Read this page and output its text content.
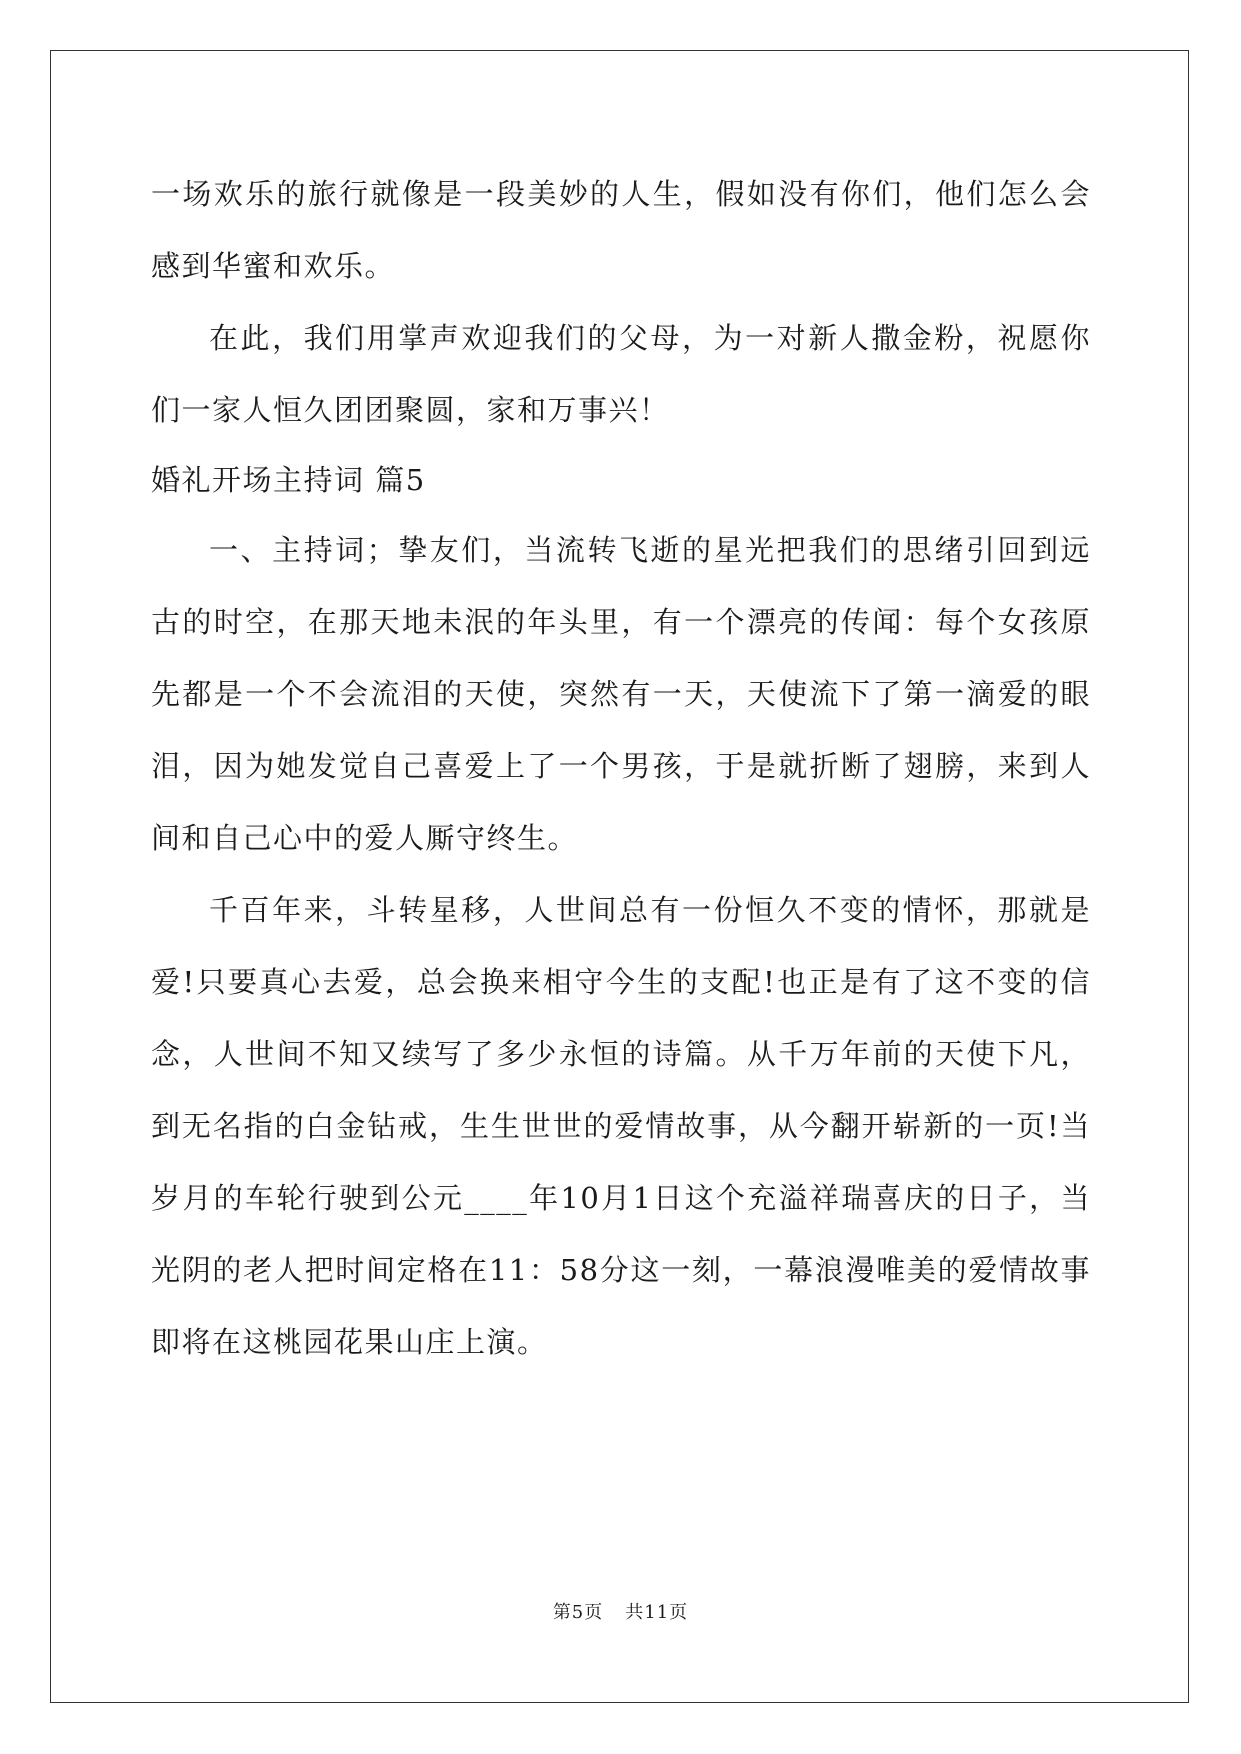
一场欢乐的旅行就像是一段美妙的人生，假如没有你们，他们怎么会感到华蜜和欢乐。

在此，我们用掌声欢迎我们的父母，为一对新人撒金粉，祝愿你们一家人恒久团团聚圆，家和万事兴！

婚礼开场主持词 篇5

一、主持词；挚友们，当流转飞逝的星光把我们的思绪引回到远古的时空，在那天地未泯的年头里，有一个漂亮的传闻：每个女孩原先都是一个不会流泪的天使，突然有一天，天使流下了第一滴爱的眼泪，因为她发觉自己喜爱上了一个男孩，于是就折断了翅膀，来到人间和自己心中的爱人厮守终生。

千百年来，斗转星移，人世间总有一份恒久不变的情怀，那就是爱!只要真心去爱，总会换来相守今生的支配!也正是有了这不变的信念，人世间不知又续写了多少永恒的诗篇。从千万年前的天使下凡，到无名指的白金钻戒，生生世世的爱情故事，从今翻开崭新的一页!当岁月的车轮行驶到公元____年10月1日这个充溢祥瑞喜庆的日子，当光阴的老人把时间定格在11：58分这一刻，一幕浪漫唯美的爱情故事即将在这桃园花果山庄上演。

第5页 共11页
